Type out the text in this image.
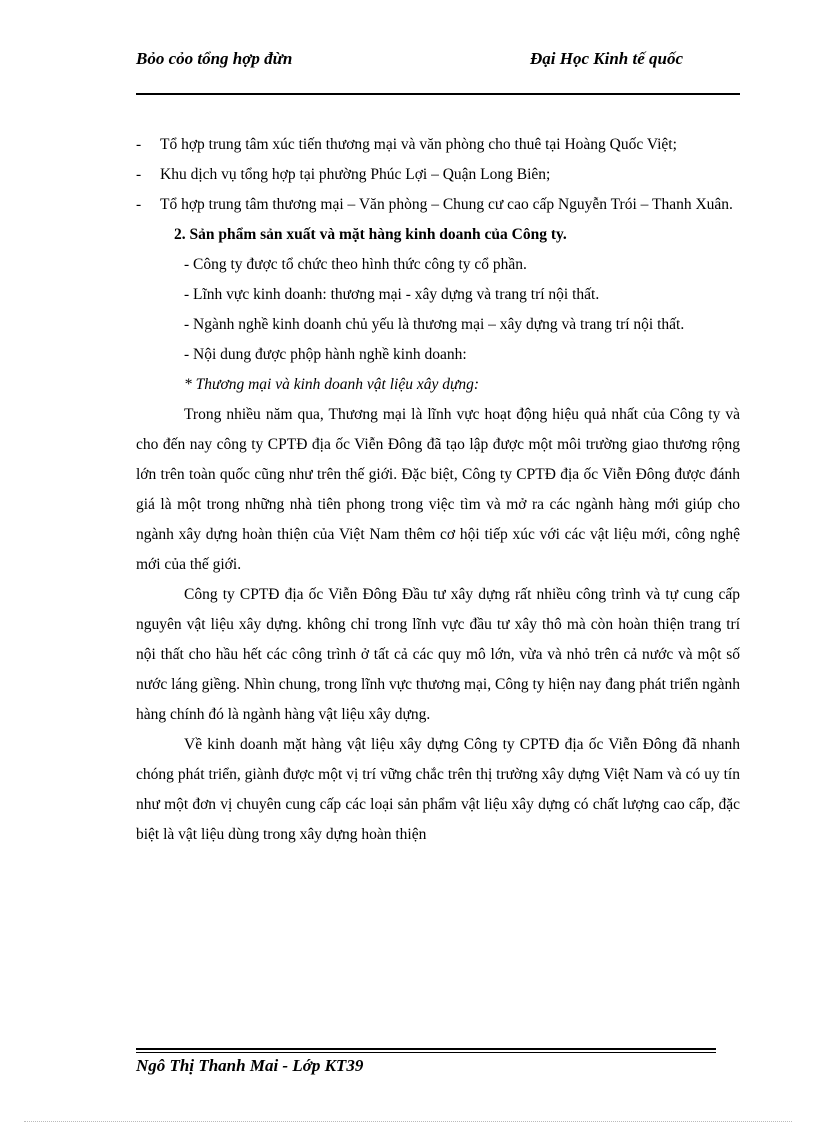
Bỏo cỏo tổng hợp đừn	Đại Học Kinh tế quốc
- Tổ hợp trung tâm xúc tiến thương mại và văn phòng cho thuê tại Hoàng Quốc Việt;
- Khu dịch vụ tổng hợp tại phường Phúc Lợi – Quận Long Biên;
- Tổ hợp trung tâm thương mại – Văn phòng – Chung cư cao cấp Nguyễn Trói – Thanh Xuân.
2. Sản phẩm sản xuất và mặt hàng kinh doanh của Công ty.
- Công ty được tổ chức theo hình thức công ty cổ phần.
- Lĩnh vực kinh doanh: thương mại - xây dựng và trang trí nội thất.
- Ngành nghề kinh doanh chủ yếu là thương mại – xây dựng và trang trí nội thất.
- Nội dung được phộp hành nghề kinh doanh:
* Thương mại và kinh doanh vật liệu xây dựng:
Trong nhiều năm qua, Thương mại là lĩnh vực hoạt động hiệu quả nhất của Công ty và cho đến nay công ty CPTĐ địa ốc Viễn Đông đã tạo lập được một môi trường giao thương rộng lớn trên toàn quốc cũng như trên thế giới. Đặc biệt, Công ty CPTĐ địa ốc Viễn Đông được đánh giá là một trong những nhà tiên phong trong việc tìm và mở ra các ngành hàng mới giúp cho ngành xây dựng hoàn thiện của Việt Nam thêm cơ hội tiếp xúc với các vật liệu mới, công nghệ mới của thế giới.
Công ty CPTĐ địa ốc Viễn Đông Đầu tư xây dựng rất nhiều công trình và tự cung cấp nguyên vật liệu xây dựng. không chỉ trong lĩnh vực đầu tư xây thô mà còn hoàn thiện trang trí nội thất cho hầu hết các công trình ở tất cả các quy mô lớn, vừa và nhỏ trên cả nước và một số nước láng giềng. Nhìn chung, trong lĩnh vực thương mại, Công ty hiện nay đang phát triển ngành hàng chính đó là ngành hàng vật liệu xây dựng.
Về kinh doanh mặt hàng vật liệu xây dựng Công ty CPTĐ địa ốc Viễn Đông đã nhanh chóng phát triển, giành được một vị trí vững chắc trên thị trường xây dựng Việt Nam và có uy tín như một đơn vị chuyên cung cấp các loại sản phẩm vật liệu xây dựng có chất lượng cao cấp, đặc biệt là vật liệu dùng trong xây dựng hoàn thiện
Ngô Thị Thanh Mai - Lớp KT39
